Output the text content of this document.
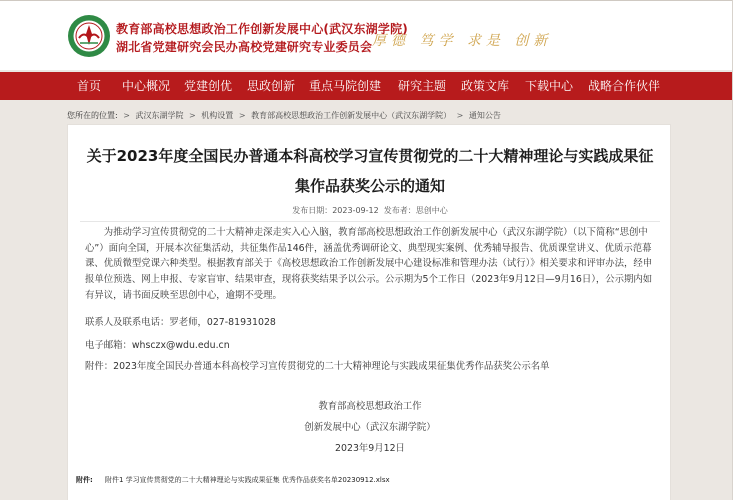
教育部高校思想政治工作创新发展中心(武汉东湖学院)
湖北省党建研究会民办高校党建研究专业委员会 厚德 笃学 求是 创新
首页 中心概况 党建创优 思政创新 重点马院创建 研究主题 政策文库 下载中心 战略合作伙伴
您所在的位置: > 武汉东湖学院 > 机构设置 > 教育部高校思想政治工作创新发展中心（武汉东湖学院） > 通知公告
关于2023年度全国民办普通本科高校学习宣传贯彻党的二十大精神理论与实践成果征
集作品获奖公示的通知
发布日期：2023-09-12 发布者：思创中心

为推动学习宣传贯彻党的二十大精神走深走实入心入脑，教育部高校思想政治工作创新发展中心（武汉东湖学院）（以下简称“思创中心”）面向全国，开展本次征集活动，共征集作品146件，涵盖优秀调研论文、典型现实案例、优秀辅导报告、优质课堂讲义、优质示范幕课、优质微型党课六种类型。根据教育部关于《高校思想政治工作创新发展中心建设标准和管理办法（试行）》相关要求和评审办法，经申报单位预选、网上申报、专家盲审、结果审查，现将获奖结果予以公示。公示期为5个工作日（2023年9月12日—9月16日），公示期内如有异议，请书面反映至思创中心，逾期不受理。

联系人及联系电话：罗老师，027-81931028
电子邮箱：whsczx@wdu.edu.cn
附件：2023年度全国民办普通本科高校学习宣传贯彻党的二十大精神理论与实践成果征集优秀作品获奖公示名单
教育部高校思想政治工作
创新发展中心（武汉东湖学院）
2023年9月12日
附件: 附件1 学习宣传贯彻党的二十大精神理论与实践成果征集 优秀作品获奖名单20230912.xlsx
